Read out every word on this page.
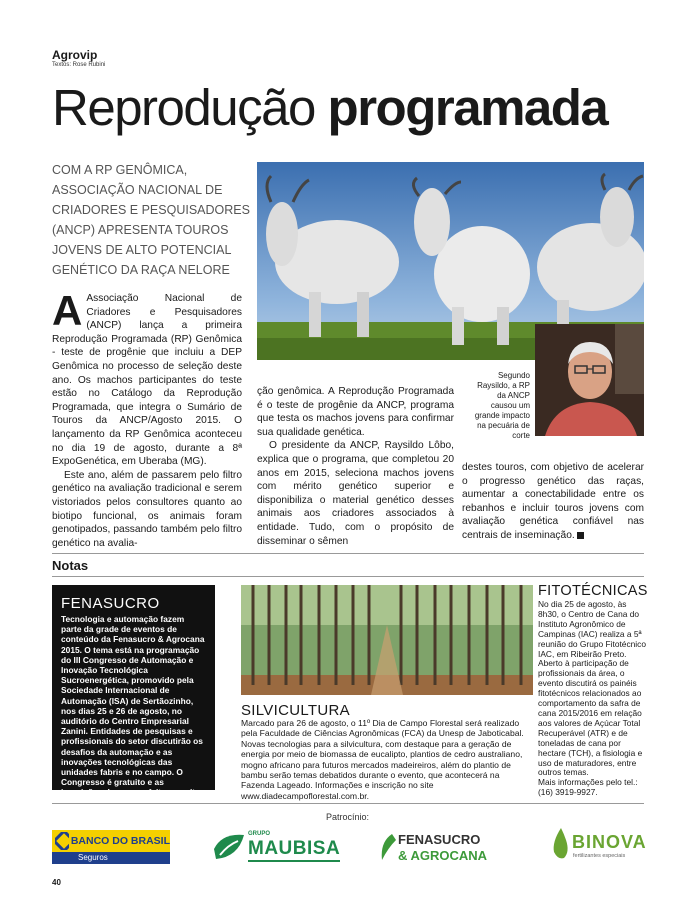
Agrovip
Textos: Rose Rubini
Reprodução programada
COM A RP GENÔMICA, ASSOCIAÇÃO NACIONAL DE CRIADORES E PESQUISADORES (ANCP) APRESENTA TOUROS JOVENS DE ALTO POTENCIAL GENÉTICO DA RAÇA NELORE
Segundo Raysildo, a RP da ANCP causou um grande impacto na pecuária de corte
A Associação Nacional de Criadores e Pesquisadores (ANCP) lança a primeira Reprodução Programada (RP) Genômica - teste de progênie que incluiu a DEP Genômica no processo de seleção deste ano. Os machos participantes do teste estão no Catálogo da Reprodução Programada, que integra o Sumário de Touros da ANCP/Agosto 2015. O lançamento da RP Genômica aconteceu no dia 19 de agosto, durante a 8ª ExpoGenética, em Uberaba (MG).

Este ano, além de passarem pelo filtro genético na avaliação tradicional e serem vistoriados pelos consultores quanto ao biotipo funcional, os animais foram genotipados, passando também pelo filtro genético na avalia-

ção genômica. A Reprodução Programada é o teste de progênie da ANCP, programa que testa os machos jovens para confirmar sua qualidade genética.

O presidente da ANCP, Raysildo Lôbo, explica que o programa, que completou 20 anos em 2015, seleciona machos jovens com mérito genético superior e disponibiliza o material genético desses animais aos criadores associados à entidade. Tudo, com o propósito de disseminar o sêmen

destes touros, com objetivo de acelerar o progresso genético das raças, aumentar a conectabilidade entre os rebanhos e incluir touros jovens com avaliação genética confiável nas centrais de inseminação.

Notas
FENASUCRO
Tecnologia e automação fazem parte da grade de eventos de conteúdo da Fenasucro & Agrocana 2015. O tema está na programação do III Congresso de Automação e Inovação Tecnológica Sucroenergética, promovido pela Sociedade Internacional de Automação (ISA) de Sertãozinho, nos dias 25 e 26 de agosto, no auditório do Centro Empresarial Zanini. Entidades de pesquisas e profissionais do setor discutirão os desafios da automação e as inovações tecnológicas das unidades fabris e no campo. O Congresso é gratuito e as inscrições devem ser feitas no site
SILVICULTURA
Marcado para 26 de agosto, o 11º Dia de Campo Florestal será realizado pela Faculdade de Ciências Agronômicas (FCA) da Unesp de Jaboticabal. Novas tecnologias para a silvicultura, com destaque para a geração de energia por meio de biomassa de eucalipto, plantios de cedro australiano, mogno africano para futuros mercados madeireiros, além do plantio de bambu serão temas debatidos durante o evento, que acontecerá na Fazenda Lageado. Informações e inscrição no site www.diadecampoflorestal.com.br.
FITOTÉCNICAS
No dia 25 de agosto, às 8h30, o Centro de Cana do Instituto Agronômico de Campinas (IAC) realiza a 5ª reunião do Grupo Fitotécnico IAC, em Ribeirão Preto. Aberto à participação de profissionais da área, o evento discutirá os painéis fitotécnicos relacionados ao comportamento da safra de cana 2015/2016 em relação aos valores de Açúcar Total Recuperável (ATR) e de toneladas de cana por hectare (TCH), a fisiologia e uso de maturadores, entre outros temas.
Mais informações pelo tel.: (16) 3919-9927.
Patrocínio:
BANCO DO BRASIL
Seguros
GRUPO
MAUBISA	FENASUCRO
& AGROCANA
BINOVA
fertilizantes especiais
40
